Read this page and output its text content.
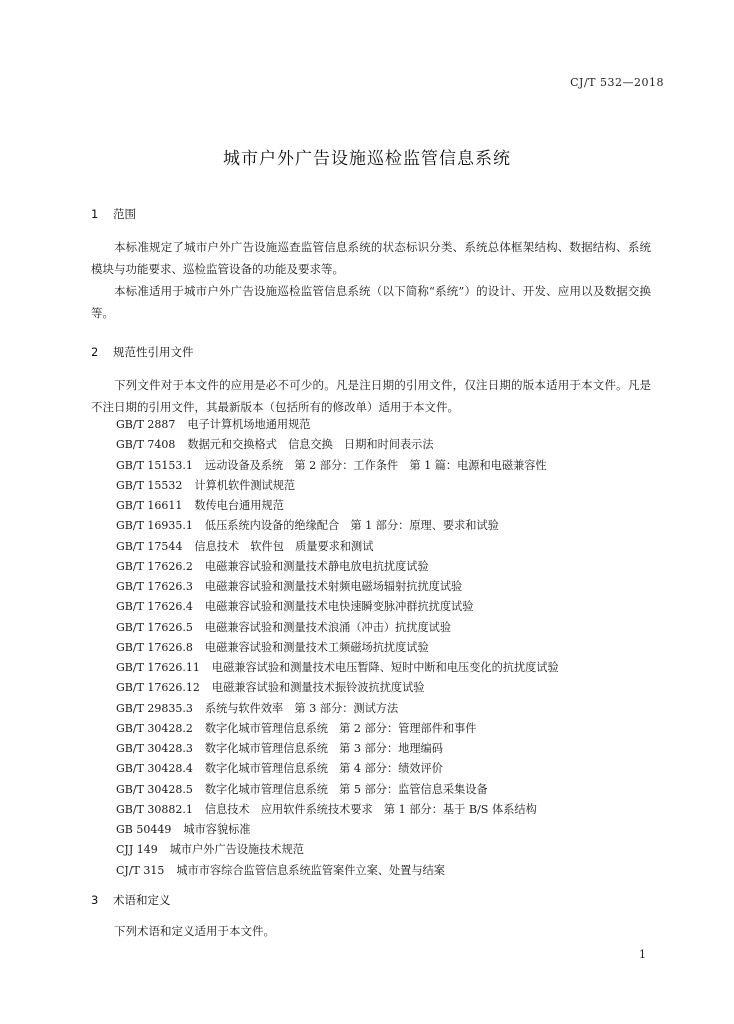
CJ/T 532—2018
城市户外广告设施巡检监管信息系统
1 范围
本标准规定了城市户外广告设施巡查监管信息系统的状态标识分类、系统总体框架结构、数据结构、系统模块与功能要求、巡检监管设备的功能及要求等。
本标准适用于城市户外广告设施巡检监管信息系统（以下简称“系统”）的设计、开发、应用以及数据交换等。
2 规范性引用文件
下列文件对于本文件的应用是必不可少的。凡是注日期的引用文件，仅注日期的版本适用于本文件。凡是不注日期的引用文件，其最新版本（包括所有的修改单）适用于本文件。
GB/T 2887 电子计算机场地通用规范
GB/T 7408 数据元和交换格式　信息交换　日期和时间表示法
GB/T 15153.1 远动设备及系统　第 2 部分：工作条件　第 1 篇：电源和电磁兼容性
GB/T 15532 计算机软件测试规范
GB/T 16611 数传电台通用规范
GB/T 16935.1 低压系统内设备的绝缘配合　第 1 部分：原理、要求和试验
GB/T 17544 信息技术　软件包　质量要求和测试
GB/T 17626.2 电磁兼容试验和测量技术静电放电抗扰度试验
GB/T 17626.3 电磁兼容试验和测量技术射频电磁场辐射抗扰度试验
GB/T 17626.4 电磁兼容试验和测量技术电快速瞬变脉冲群抗扰度试验
GB/T 17626.5 电磁兼容试验和测量技术浪涌（冲击）抗扰度试验
GB/T 17626.8 电磁兼容试验和测量技术工频磁场抗扰度试验
GB/T 17626.11 电磁兼容试验和测量技术电压暂降、短时中断和电压变化的抗扰度试验
GB/T 17626.12 电磁兼容试验和测量技术振铃波抗扰度试验
GB/T 29835.3 系统与软件效率　第 3 部分：测试方法
GB/T 30428.2 数字化城市管理信息系统　第 2 部分：管理部件和事件
GB/T 30428.3 数字化城市管理信息系统　第 3 部分：地理编码
GB/T 30428.4 数字化城市管理信息系统　第 4 部分：绩效评价
GB/T 30428.5 数字化城市管理信息系统　第 5 部分：监管信息采集设备
GB/T 30882.1 信息技术　应用软件系统技术要求　第 1 部分：基于 B/S 体系结构
GB 50449 城市容貌标准
CJJ 149 城市户外广告设施技术规范
CJ/T 315 城市市容综合监管信息系统监管案件立案、处置与结案
3 术语和定义
下列术语和定义适用于本文件。
1
